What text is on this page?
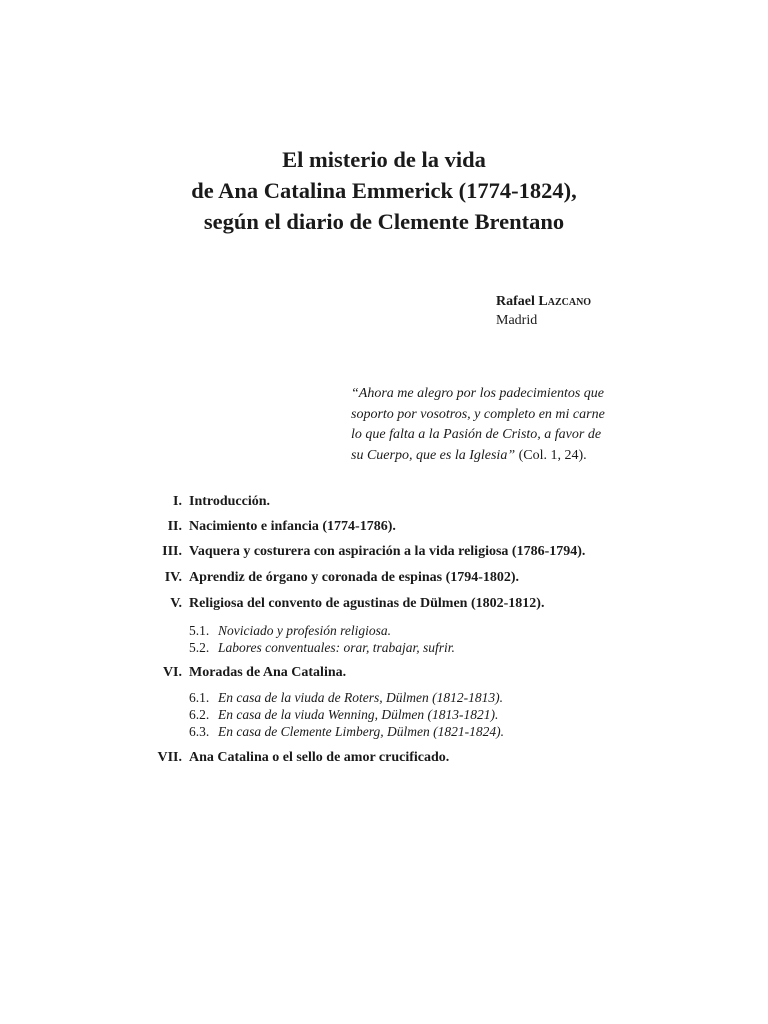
El misterio de la vida
de Ana Catalina Emmerick (1774-1824),
según el diario de Clemente Brentano
Rafael Lazcano
Madrid

“Ahora me alegro por los padecimientos que
soporto por vosotros, y completo en mi carne
lo que falta a la Pasión de Cristo, a favor de
su Cuerpo, que es la Iglesia” (Col. 1, 24).

I. Introducción.
II. Nacimiento e infancia (1774-1786).
III. Vaquera y costurera con aspiración a la vida religiosa (1786-1794).
IV. Aprendiz de órgano y coronada de espinas (1794-1802).
V. Religiosa del convento de agustinas de Dülmen (1802-1812).
5.1. Noviciado y profesión religiosa.
5.2. Labores conventuales: orar, trabajar, sufrir.
VI. Moradas de Ana Catalina.
6.1. En casa de la viuda de Roters, Dülmen (1812-1813).
6.2. En casa de la viuda Wenning, Dülmen (1813-1821).
6.3. En casa de Clemente Limberg, Dülmen (1821-1824).
VII. Ana Catalina o el sello de amor crucificado.
